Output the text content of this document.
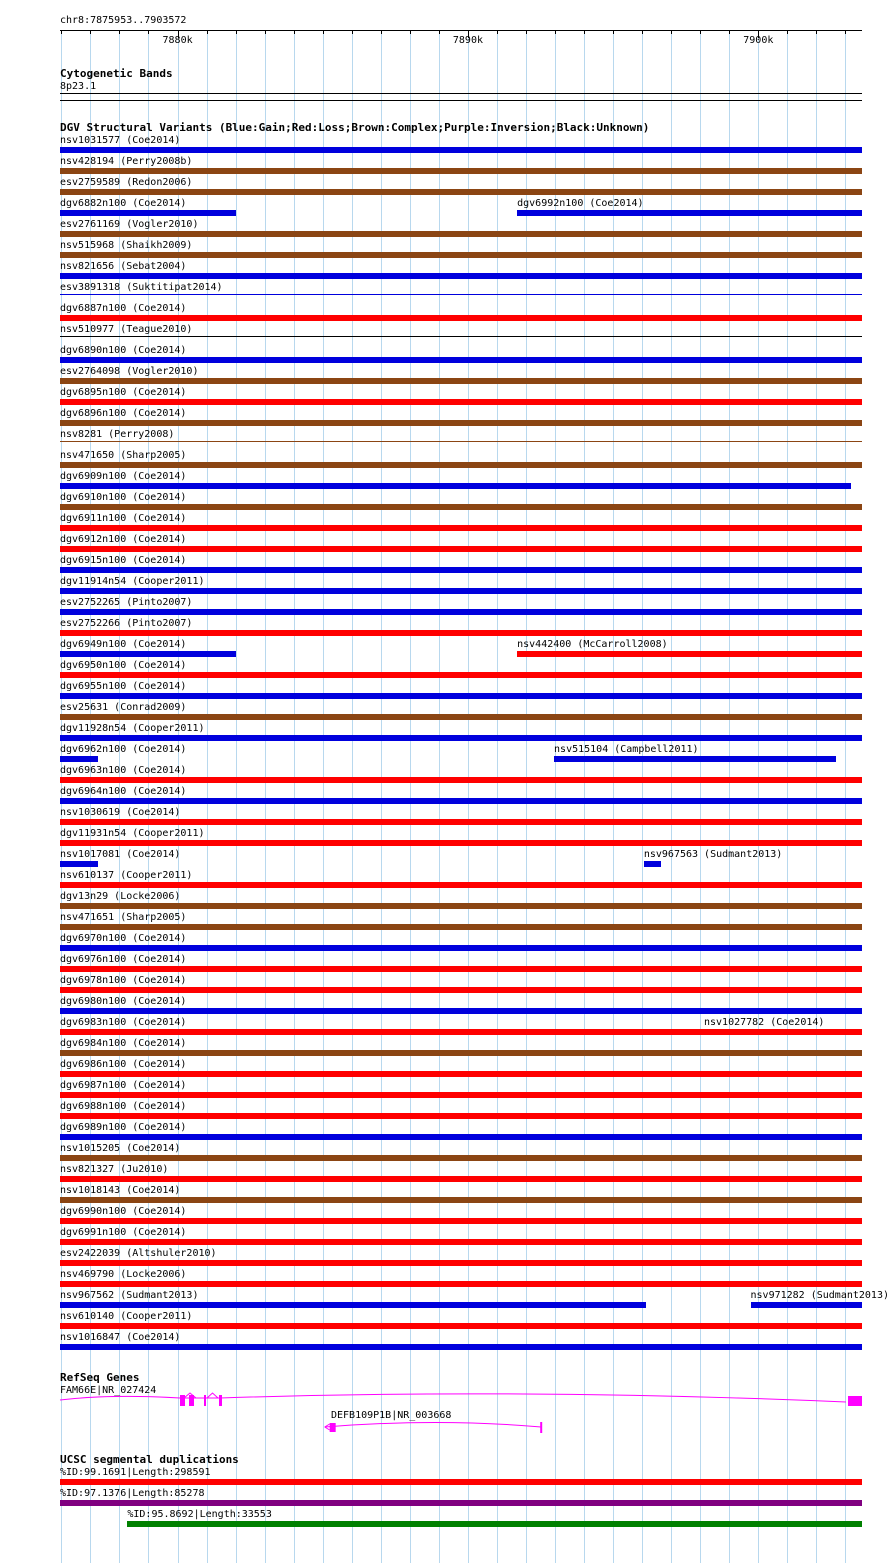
chr8:7875953..7903572
7880k	7890k	7900k
Cytogenetic Bands
8p23.1
DGV Structural Variants (Blue:Gain;Red:Loss;Brown:Complex;Purple:Inversion;Black:Unknown)
nsv1031577 (Coe2014)
nsv428194 (Perry2008b)
esv2759589 (Redon2006)
dgv6882n100 (Coe2014)	dgv6992n100 (Coe2014)
esv2761169 (Vogler2010)
nsv515968 (Shaikh2009)
nsv821656 (Sebat2004)
esv3891318 (Suktitipat2014)
dgv6887n100 (Coe2014)
nsv510977 (Teague2010)
dgv6890n100 (Coe2014)
esv2764098 (Vogler2010)
dgv6895n100 (Coe2014)
dgv6896n100 (Coe2014)
nsv8281 (Perry2008)
nsv471650 (Sharp2005)
dgv6909n100 (Coe2014)
dgv6910n100 (Coe2014)
dgv6911n100 (Coe2014)
dgv6912n100 (Coe2014)
dgv6915n100 (Coe2014)
dgv11914n54 (Cooper2011)
esv2752265 (Pinto2007)
esv2752266 (Pinto2007)
dgv6949n100 (Coe2014)	nsv442400 (McCarroll2008)
dgv6950n100 (Coe2014)
dgv6955n100 (Coe2014)
esv25631 (Conrad2009)
dgv11928n54 (Cooper2011)
dgv6962n100 (Coe2014)	nsv515104 (Campbell2011)
dgv6963n100 (Coe2014)
dgv6964n100 (Coe2014)
nsv1030619 (Coe2014)
dgv11931n54 (Cooper2011)
nsv1017081 (Coe2014)	nsv967563 (Sudmant2013)
nsv610137 (Cooper2011)
dgv13n29 (Locke2006)
nsv471651 (Sharp2005)
dgv6970n100 (Coe2014)
dgv6976n100 (Coe2014)
dgv6978n100 (Coe2014)
dgv6980n100 (Coe2014)
dgv6983n100 (Coe2014)	nsv1027782 (Coe2014)
dgv6984n100 (Coe2014)
dgv6986n100 (Coe2014)
dgv6987n100 (Coe2014)
dgv6988n100 (Coe2014)
dgv6989n100 (Coe2014)
nsv1015205 (Coe2014)
nsv821327 (Ju2010)
nsv1018143 (Coe2014)
dgv6990n100 (Coe2014)
dgv6991n100 (Coe2014)
esv2422039 (Altshuler2010)
nsv469790 (Locke2006)
nsv967562 (Sudmant2013)	nsv971282 (Sudmant2013)
nsv610140 (Cooper2011)
nsv1016847 (Coe2014)
RefSeq Genes
FAM66E|NR_027424
DEFB109P1B|NR_003668
UCSC segmental duplications
%ID:99.1691|Length:298591
%ID:97.1376|Length:85278
%ID:95.8692|Length:33553
